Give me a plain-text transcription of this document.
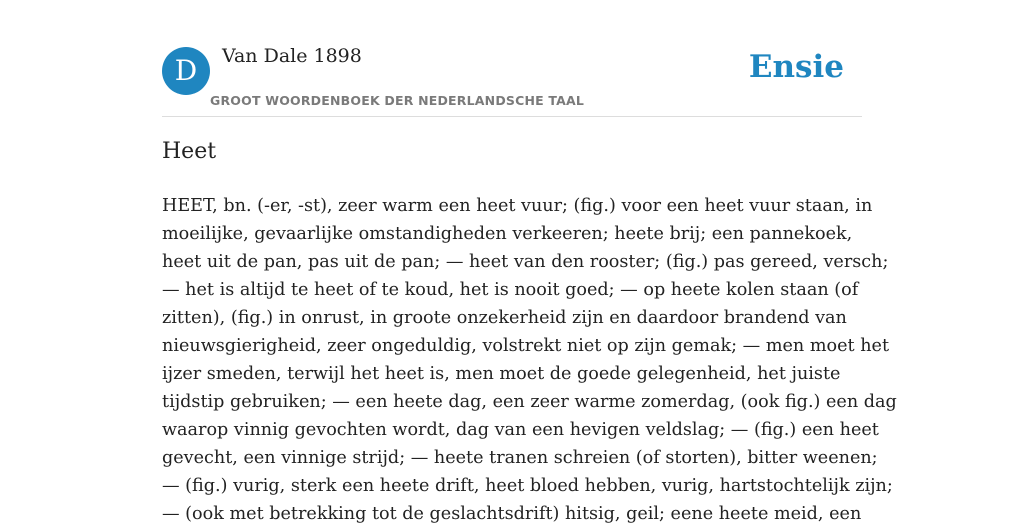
D	Van Dale 1898
GROOT WOORDENBOEK DER NEDERLANDSCHE TAAL
Ensie
Heet

HEET, bn. (-er, -st), zeer warm een heet vuur; (fig.) voor een heet vuur staan, in
moeilijke, gevaarlijke omstandigheden verkeeren; heete brij; een pannekoek,
heet uit de pan, pas uit de pan; — heet van den rooster; (fig.) pas gereed, versch;
— het is altijd te heet of te koud, het is nooit goed; — op heete kolen staan (of
zitten), (fig.) in onrust, in groote onzekerheid zijn en daardoor brandend van
nieuwsgierigheid, zeer ongeduldig, volstrekt niet op zijn gemak; — men moet het
ijzer smeden, terwijl het heet is, men moet de goede gelegenheid, het juiste
tijdstip gebruiken; — een heete dag, een zeer warme zomerdag, (ook fig.) een dag
waarop vinnig gevochten wordt, dag van een hevigen veldslag; — (fig.) een heet
gevecht, een vinnige strijd; — heete tranen schreien (of storten), bitter weenen;
— (fig.) vurig, sterk een heete drift, heet bloed hebben, vurig, hartstochtelijk zijn;
— (ook met betrekking tot de geslachtsdrift) hitsig, geil; eene heete meid, een
